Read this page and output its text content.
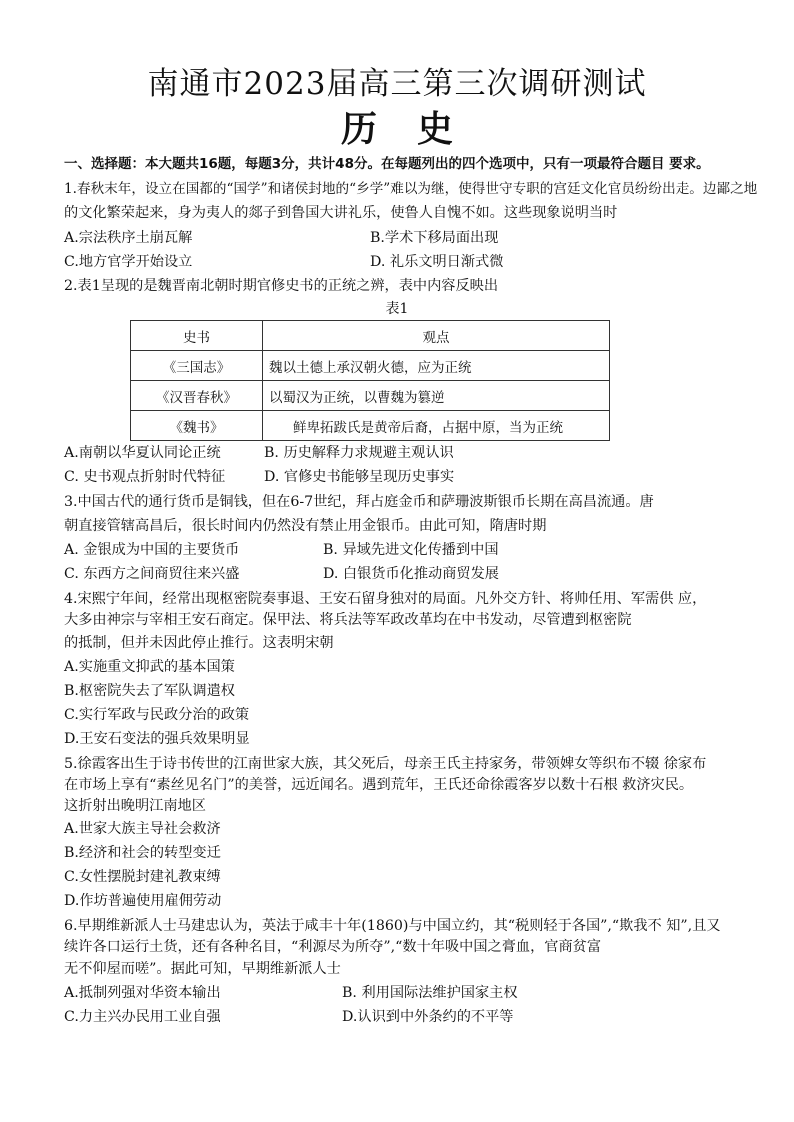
南通市2023届高三第三次调研测试
历史
一、选择题：本大题共16题，每题3分，共计48分。在每题列出的四个选项中，只有一项最符合题目 要求。
1.春秋末年，设立在国都的“国学”和诸侯封地的“乡学”难以为继，使得世守专职的宫廷文化官员纷纷出走。边鄙之地
的文化繁荣起来，身为夷人的郯子到鲁国大讲礼乐，使鲁人自愧不如。这些现象说明当时
A.宗法秩序土崩瓦解	B.学术下移局面出现
C.地方官学开始设立	D. 礼乐文明日渐式微
2.表1呈现的是魏晋南北朝时期官修史书的正统之辨，表中内容反映出
表1
史书	观点
《三国志》	魏以土德上承汉朝火德，应为正统
《汉晋春秋》	以蜀汉为正统，以曹魏为篡逆
《魏书》	鲜卑拓跋氏是黄帝后裔，占据中原，当为正统
A.南朝以华夏认同论正统	B. 历史解释力求规避主观认识
C. 史书观点折射时代特征	D. 官修史书能够呈现历史事实
3.中国古代的通行货币是铜钱，但在6-7世纪，拜占庭金币和萨珊波斯银币长期在高昌流通。唐
朝直接管辖高昌后，很长时间内仍然没有禁止用金银币。由此可知，隋唐时期
A. 金银成为中国的主要货币	B. 异域先进文化传播到中国
C. 东西方之间商贸往来兴盛	D. 白银货币化推动商贸发展
4.宋熙宁年间，经常出现枢密院奏事退、王安石留身独对的局面。凡外交方针、将帅任用、军需供 应，
大多由神宗与宰相王安石商定。保甲法、将兵法等军政改革均在中书发动，尽管遭到枢密院
的抵制，但并未因此停止推行。这表明宋朝
A.实施重文抑武的基本国策
B.枢密院失去了军队调遣权
C.实行军政与民政分治的政策
D.王安石变法的强兵效果明显
5.徐霞客出生于诗书传世的江南世家大族，其父死后，母亲王氏主持家务，带领婢女等织布不辍 徐家布
在市场上享有“素丝见名门”的美誉，远近闻名。遇到荒年，王氏还命徐霞客岁以数十石根 救济灾民。
这折射出晚明江南地区
A.世家大族主导社会救济
B.经济和社会的转型变迁
C.女性摆脱封建礼教束缚
D.作坊普遍使用雇佣劳动
6.早期维新派人士马建忠认为，英法于咸丰十年(1860)与中国立约，其“税则轻于各国”,“欺我不 知”,且又
续许各口运行土货，还有各种名目，“利源尽为所夺”,“数十年吸中国之膏血，官商贫富
无不仰屋而嗟”。据此可知，早期维新派人士
A.抵制列强对华资本输出	B. 利用国际法维护国家主权
C.力主兴办民用工业自强	D.认识到中外条约的不平等
